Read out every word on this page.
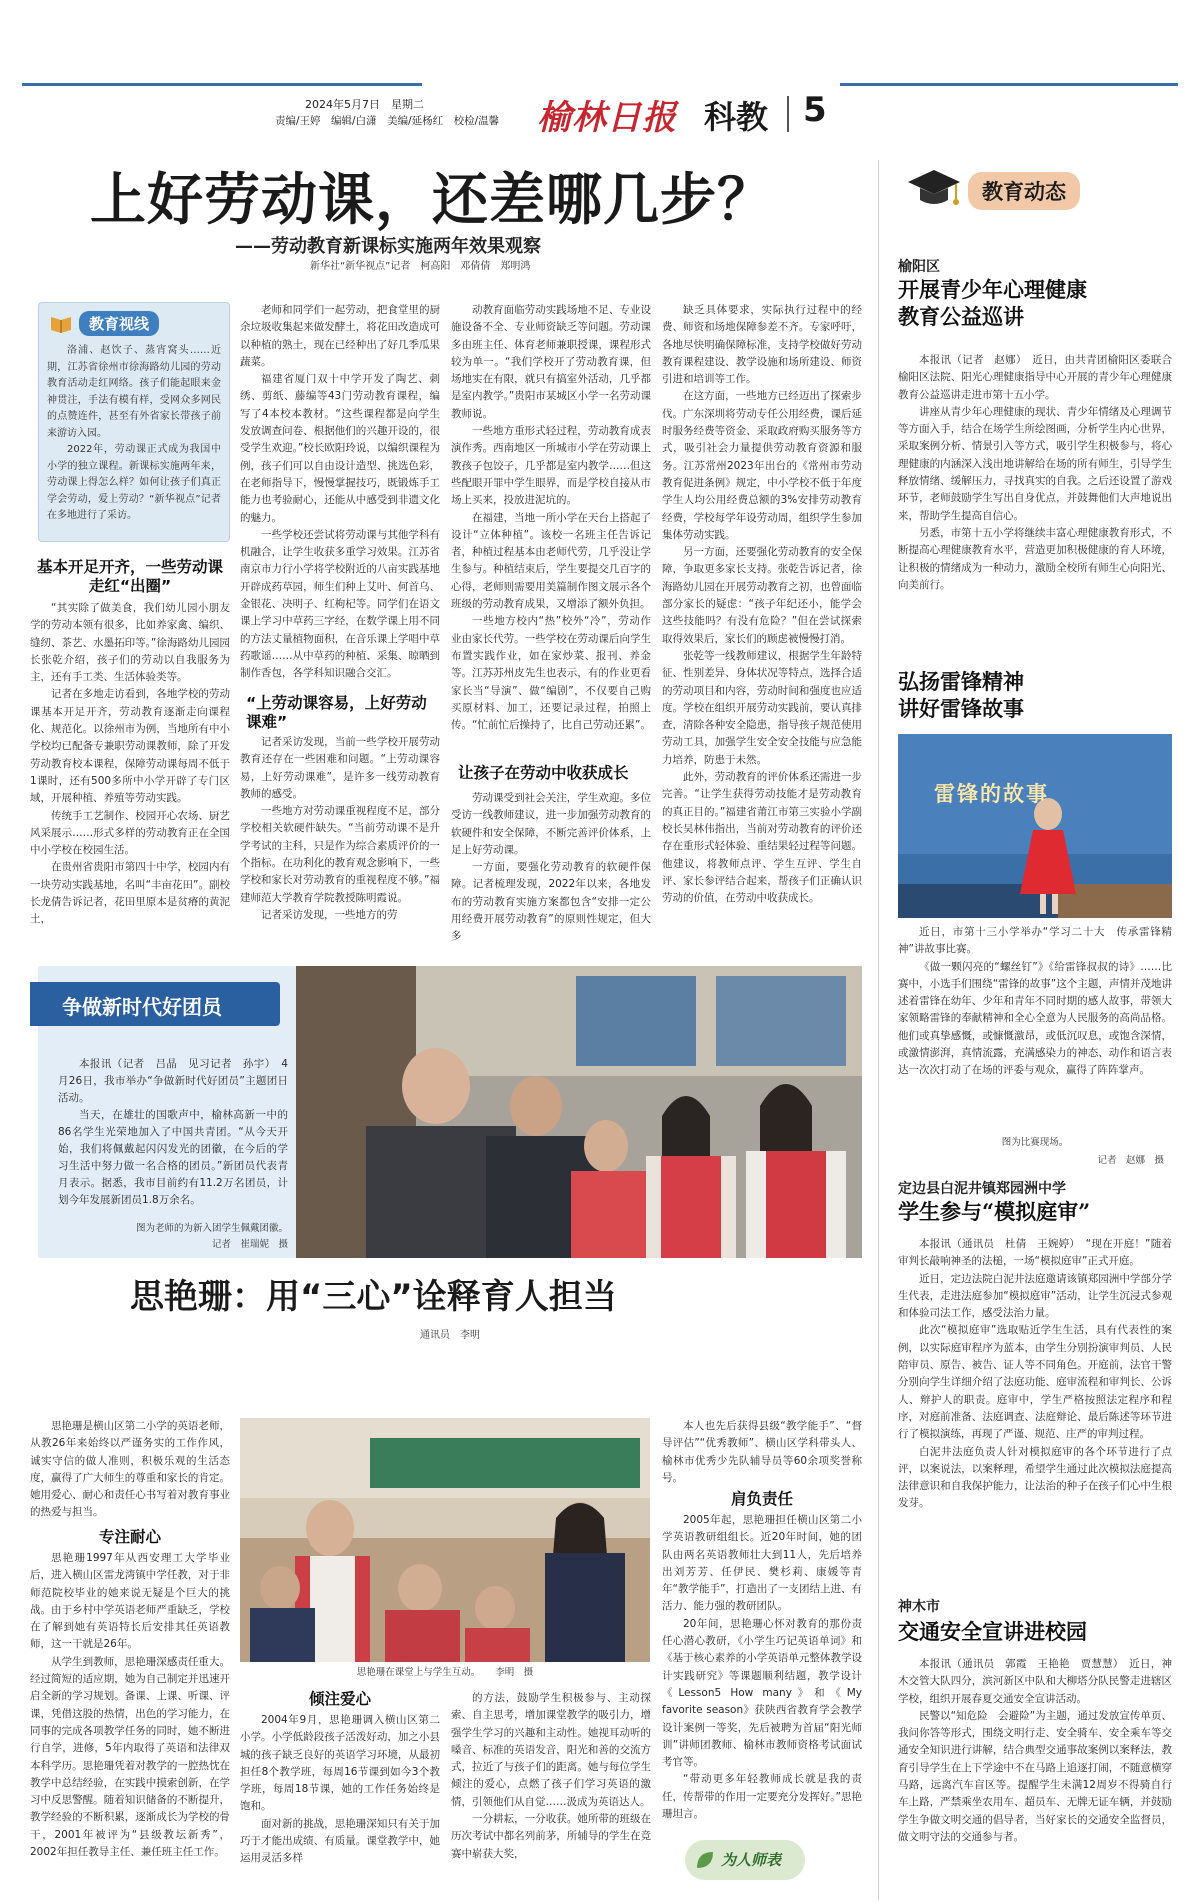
2024年5月7日　星期二
责编/王婷　编辑/白潇　美编/延杨红　校检/温馨	榆林日报 科教 5
上好劳动课，还差哪几步？
——劳动教育新课标实施两年效果观察
新华社“新华视点”记者　柯高阳　邓倩倩　郑明鸿
教育视线

洛浦、赵饮子、蒸宵窝头……近期，江苏省徐州市徐海路幼儿园的劳动教育活动走红网络。孩子们能起眼来金神贯注，手法有模有样，受网众多网民的点赞连件，甚至有外省家长带孩子前来游访入园。

2022年，劳动课正式成为我国中小学的独立课程。新课标实施两年来，劳动课上得怎么样？如何让孩子们真正学会劳动，爱上劳动？“新华视点”记者在多地进行了采访。

基本开足开齐，一些劳动课走红“出圈”

“其实除了做美食，我们幼儿园小朋友学的劳动本领有很多，比如养家禽、编织、缝纫、茶艺、水墨拓印等。”徐海路幼儿园园长张乾介绍，孩子们的劳动以自我服务为主，还有手工类、生活体验类等。

记者在多地走访看到，各地学校的劳动课基本开足开齐，劳动教育逐渐走向课程化、规范化。以徐州市为例，当地所有中小学校均已配备专兼职劳动课教师，除了开发劳动教育校本课程，保障劳动课每周不低于1课时，还有500多所中小学开辟了专门区域，开展种植、养殖等劳动实践。

传统手工艺制作、校园开心农场、厨艺风采展示……形式多样的劳动教育正在全国中小学校在校园生活。

在贵州省贵阳市第四十中学，校园内有一块劳动实践基地，名叫“丰亩花田”。副校长龙倩告诉记者，花田里原本是贫瘠的黄泥土，

老师和同学们一起劳动，把食堂里的厨余垃圾收集起来做发酵土，将花田改造成可以种植的熟土，现在已经种出了好几季瓜果蔬菜。

福建省厦门双十中学开发了陶艺、刺绣、剪纸、藤编等43门劳动教育课程，编写了4本校本教材。“这些课程都是向学生发放调查问卷、根据他们的兴趣开设的，很受学生欢迎。”校长欧阳玲说，以编织课程为例，孩子们可以自由设计造型、挑选色彩，在老师指导下，慢慢掌握技巧，既锻炼手工能力也考验耐心，还能从中感受到非遗文化的魅力。

一些学校还尝试将劳动课与其他学科有机融合，让学生收获多重学习效果。江苏省南京市力行小学将学校附近的八亩实践基地开辟成药草园，师生们种上艾叶、何首乌、金银花、决明子、红枸杞等。同学们在语文课上学习中草药三字经，在数学课上用不同的方法丈量植物面积，在音乐课上学唱中草药歌谣……从中草药的种植、采集、晾晒到制作香包，各学科知识融合交汇。

“上劳动课容易，上好劳动课难”

记者采访发现，当前一些学校开展劳动教育还存在一些困难和问题。“上劳动课容易，上好劳动课难”，是许多一线劳动教育教师的感受。

一些地方对劳动课重视程度不足，部分学校相关软硬件缺失。“当前劳动课不是升学考试的主科，只是作为综合素质评价的一个指标。在功利化的教育观念影响下，一些学校和家长对劳动教育的重视程度不够。”福建师范大学教育学院教授陈明霞说。

记者采访发现，一些地方的劳

动教育面临劳动实践场地不足、专业设施设备不全、专业师资缺乏等问题。劳动课多由班主任、体育老师兼职授课，课程形式较为单一。“我们学校开了劳动教育课，但场地实在有限，就只有搞室外活动，几乎都是室内教学。”贵阳市某城区小学一名劳动课教师说。

一些地方重形式轻过程，劳动教育成表演作秀。西南地区一所城市小学在劳动课上教孩子包饺子，几乎都是室内教学……但这些配眼开罪中学生眼界，而是学校自接从市场上买来，投放进泥坑的。

在福建，当地一所小学在天台上搭起了设计“立体种植”。该校一名班主任告诉记者，种植过程基本由老师代劳，几乎没让学生参与。种植结束后，学生要提交几百字的心得，老师则需要用美篇制作图文展示各个班级的劳动教育成果，又增添了额外负担。

一些地方校内“热”校外“冷”，劳动作业由家长代劳。一些学校在劳动课后向学生布置实践作业，如在家炒菜、报刊、养金等。江苏苏州皮先生也表示，有的作业更看家长当“导演”、做“编剧”，不仅要自己购买原材料、加工，还要记录过程，拍照上传。“忙前忙后操持了，比自己劳动还累”。

让孩子在劳动中收获成长

劳动课受到社会关注，学生欢迎。多位受访一线教师建议，进一步加强劳动教育的软硬件和安全保障，不断完善评价体系，上足上好劳动课。

一方面，要强化劳动教育的软硬件保障。记者梳理发现，2022年以来，各地发布的劳动教育实施方案都包含“安排一定公用经费开展劳动教育”的原则性规定，但大多

缺乏具体要求，实际执行过程中的经费、师资和场地保障参差不齐。专家呼吁，各地尽快明确保障标准，支持学校做好劳动教育课程建设、教学设施和场所建设、师资引进和培训等工作。

在这方面，一些地方已经迈出了探索步伐。广东深圳将劳动专任公用经费，课后延时服务经费等资金、采取政府购买服务等方式，吸引社会力量提供劳动教育资源和服务。江苏常州2023年出台的《常州市劳动教育促进条例》规定，中小学校不低于年度学生人均公用经费总额的3%安排劳动教育经费，学校每学年设劳动周，组织学生参加集体劳动实践。

另一方面，还要强化劳动教育的安全保障，争取更多家长支持。张乾告诉记者，徐海路幼儿园在开展劳动教育之初，也曾面临部分家长的疑虑：“孩子年纪还小，能学会这些技能吗？有没有危险？”但在尝试探索取得效果后，家长们的顾虑被慢慢打消。

张乾等一线教师建议，根据学生年龄特征、性别差异、身体状况等特点，选择合适的劳动项目和内容，劳动时间和强度也应适度。学校在组织开展劳动实践前，要认真排查，清除各种安全隐患，指导孩子规范使用劳动工具，加强学生安全安全技能与应急能力培养，防患于未然。

此外，劳动教育的评价体系还需进一步完善。“让学生获得劳动技能才是劳动教育的真正目的。”福建省莆江市第三实验小学副校长吴林伟指出，当前对劳动教育的评价还存在重形式轻体验、重结果轻过程等问题。他建议，将教师点评、学生互评、学生自评、家长参评结合起来，帮孩子们正确认识劳动的价值，在劳动中收获成长。

争做新时代好团员

本报讯（记者　吕晶　见习记者　孙宇）　4月26日，我市举办“争做新时代好团员”主题团日活动。

当天，在雄壮的国歌声中，榆林高新一中的86名学生光荣地加入了中国共青团。“从今天开始，我们将佩戴起闪闪发光的团徽，在今后的学习生活中努力做一名合格的团员。”新团员代表青月表示。据悉，我市目前约有11.2万名团员，计划今年发展新团员1.8万余名。

图为老师的为新入团学生佩戴团徽。
记者　崔瑞妮　摄
思艳珊：用“三心”诠释育人担当
通讯员　李明

思艳珊是横山区第二小学的英语老师，从教26年来始终以严谨务实的工作作风，诚实守信的做人准则，积极乐观的生活态度，赢得了广大师生的尊重和家长的肯定。她用爱心、耐心和责任心书写着对教育事业的热爱与担当。

专注耐心

思艳珊1997年从西安理工大学毕业后，进入横山区雷龙湾镇中学任教，对于非师范院校毕业的她来说无疑是个巨大的挑战。由于乡村中学英语老师严重缺乏，学校在了解到她有英语特长后安排其任英语教师，这一干就是26年。

从学生到教师，思艳珊深感责任重大。经过简短的适应期，她为自己制定并迅速开启全新的学习规划。备课、上课、听课、评课，凭借这股的热情，出色的学习能力，在同事的完成各项教学任务的同时，她不断进行自学，进修，5年内取得了英语和法律双本科学历。思艳珊凭着对教学的一腔热忱在教学中总结经验，在实践中摸索创新，在学习中反思警醒。随着知识储备的不断提升，教学经验的不断积累，逐渐成长为学校的骨干，2001年被评为“县级教坛新秀”，2002年担任教导主任、兼任班主任工作。

思艳珊在课堂上与学生互动。 李明　摄
倾注爱心

2004年9月，思艳珊调入横山区第二小学。小学低龄段孩子活泼好动，加之小县城的孩子缺乏良好的英语学习环境，从最初担任8个教学班，每周16节课到如今3个教学班，每周18节课，她的工作任务始终是饱和。

面对新的挑战，思艳珊深知只有关于加巧于才能出成绩、有质量。课堂教学中，她运用灵活多样

的方法，鼓励学生积极参与、主动探索、自主思考，增加课堂教学的吸引力，增强学生学习的兴趣和主动性。她视耳动听的嗓音、标准的英语发音，阳光和善的交流方式，拉近了与孩子们的距离。她与每位学生倾注的爱心，点燃了孩子们学习英语的激情，引领他们从自觉……汲成为英语达人。

一分耕耘，一分收获。她所带的班级在历次考试中都名列前茅，所辅导的学生在竞赛中崭获大奖，

本人也先后获得县级“教学能手”、“督导评估”“优秀教师”、横山区学科带头人、榆林市优秀少先队辅导员等60余项奖誉称号。

肩负责任

2005年起，思艳珊担任横山区第二小学英语教研组组长。近20年时间，她的团队由两名英语教师壮大到11人，先后培养出刘芳芳、任伊民、樊杉莉、康媛等青年“教学能手”，打造出了一支团结上进、有活力、能力强的教研团队。

20年间，思艳珊心怀对教育的那份责任心潜心教研，《小学生巧记英语单词》和《基于核心素养的小学英语单元整体教学设计实践研究》等课题顺利结题，教学设计《Lesson5 How many》和《My favorite season》获陕西省教育学会教学设计案例一等奖，先后被聘为首届“阳光师训”讲师团教师、榆林市教师资格考试面试考官等。

“带动更多年轻教师成长就是我的责任，传帮带的作用一定要充分发挥好。”思艳珊坦言。

为人师表
教育动态
榆阳区
开展青少年心理健康
教育公益巡讲

本报讯（记者　赵娜）　近日，由共青团榆阳区委联合榆阳区法院、阳光心理健康指导中心开展的青少年心理健康教育公益巡讲走进市第十五小学。

讲座从青少年心理健康的现状、青少年情绪及心理调节等方面入手，结合在场学生所绘图画，分析学生内心世界，采取案例分析、情景引入等方式，吸引学生积极参与，将心理健康的内涵深入浅出地讲解给在场的所有师生，引导学生释放情绪、缓解压力，寻找真实的自我。之后还设置了游戏环节，老师鼓励学生写出自身优点，并鼓舞他们大声地说出来，帮助学生提高自信心。

另悉，市第十五小学将继续丰富心理健康教育形式，不断提高心理健康教育水平，营造更加积极健康的育人环境，让积极的情绪成为一种动力，激励全校所有师生心向阳光、向美前行。

弘扬雷锋精神
讲好雷锋故事
雷锋的故事

近日，市第十三小学举办“学习二十大　传承雷锋精神”讲故事比赛。

《做一颗闪亮的“螺丝钉”》《给雷锋叔叔的诗》……比赛中，小选手们围绕“雷锋的故事”这个主题，声情并茂地讲述着雷锋在幼年、少年和青年不同时期的感人故事，带领大家领略雷锋的奉献精神和全心全意为人民服务的高尚品格。他们或真挚感慨，或慷慨激昂，或低沉叹息，或饱含深情，或激情澎湃，真情流露，充满感染力的神态、动作和语言表达一次次打动了在场的评委与观众，赢得了阵阵掌声。

图为比赛现场。
记者　赵娜　摄
定边县白泥井镇郑园洲中学
学生参与“模拟庭审”

本报讯（通讯员　杜倩　王婉婷）　“现在开庭！”随着审判长敲响神圣的法槌，一场“模拟庭审”正式开庭。

近日，定边法院白泥井法庭邀请该镇郑园洲中学部分学生代表，走进法庭参加“模拟庭审”活动，让学生沉浸式参观和体验司法工作，感受法治力量。

此次“模拟庭审”选取贴近学生生活，具有代表性的案例，以实际庭审程序为蓝本，由学生分别扮演审判员、人民陪审员、原告、被告、证人等不同角色。开庭前，法官干警分别向学生详细介绍了法庭功能、庭审流程和审判长、公诉人、辩护人的职责。庭审中，学生严格按照法定程序和程序，对庭前准备、法庭调查、法庭辩论、最后陈述等环节进行了模拟演练，再现了严谨、规范、庄严的审判过程。

白泥井法庭负责人针对模拟庭审的各个环节进行了点评，以案说法，以案释理，希望学生通过此次模拟法庭提高法律意识和自我保护能力，让法治的种子在孩子们心中生根发芽。

神木市
交通安全宣讲进校园

本报讯（通讯员　郭霞　王艳艳　贾慧慧）　近日，神木交管大队四分，滨河新区中队和大柳塔分队民警走进辖区学校，组织开展春夏交通安全宣讲活动。

民警以“知危险　会避险”为主题，通过发放宣传单页、我问你答等形式，围绕文明行走、安全骑车、安全乘车等交通安全知识进行讲解，结合典型交通事故案例以案释法，教育引导学生在上下学途中不在马路上追逐打闹，不随意横穿马路，远离汽车盲区等。提醒学生未满12周岁不得骑自行车上路，严禁乘坐农用车、超员车、无牌无证车辆，并鼓励学生争做文明交通的倡导者，当好家长的交通安全监督员，做文明守法的交通参与者。
